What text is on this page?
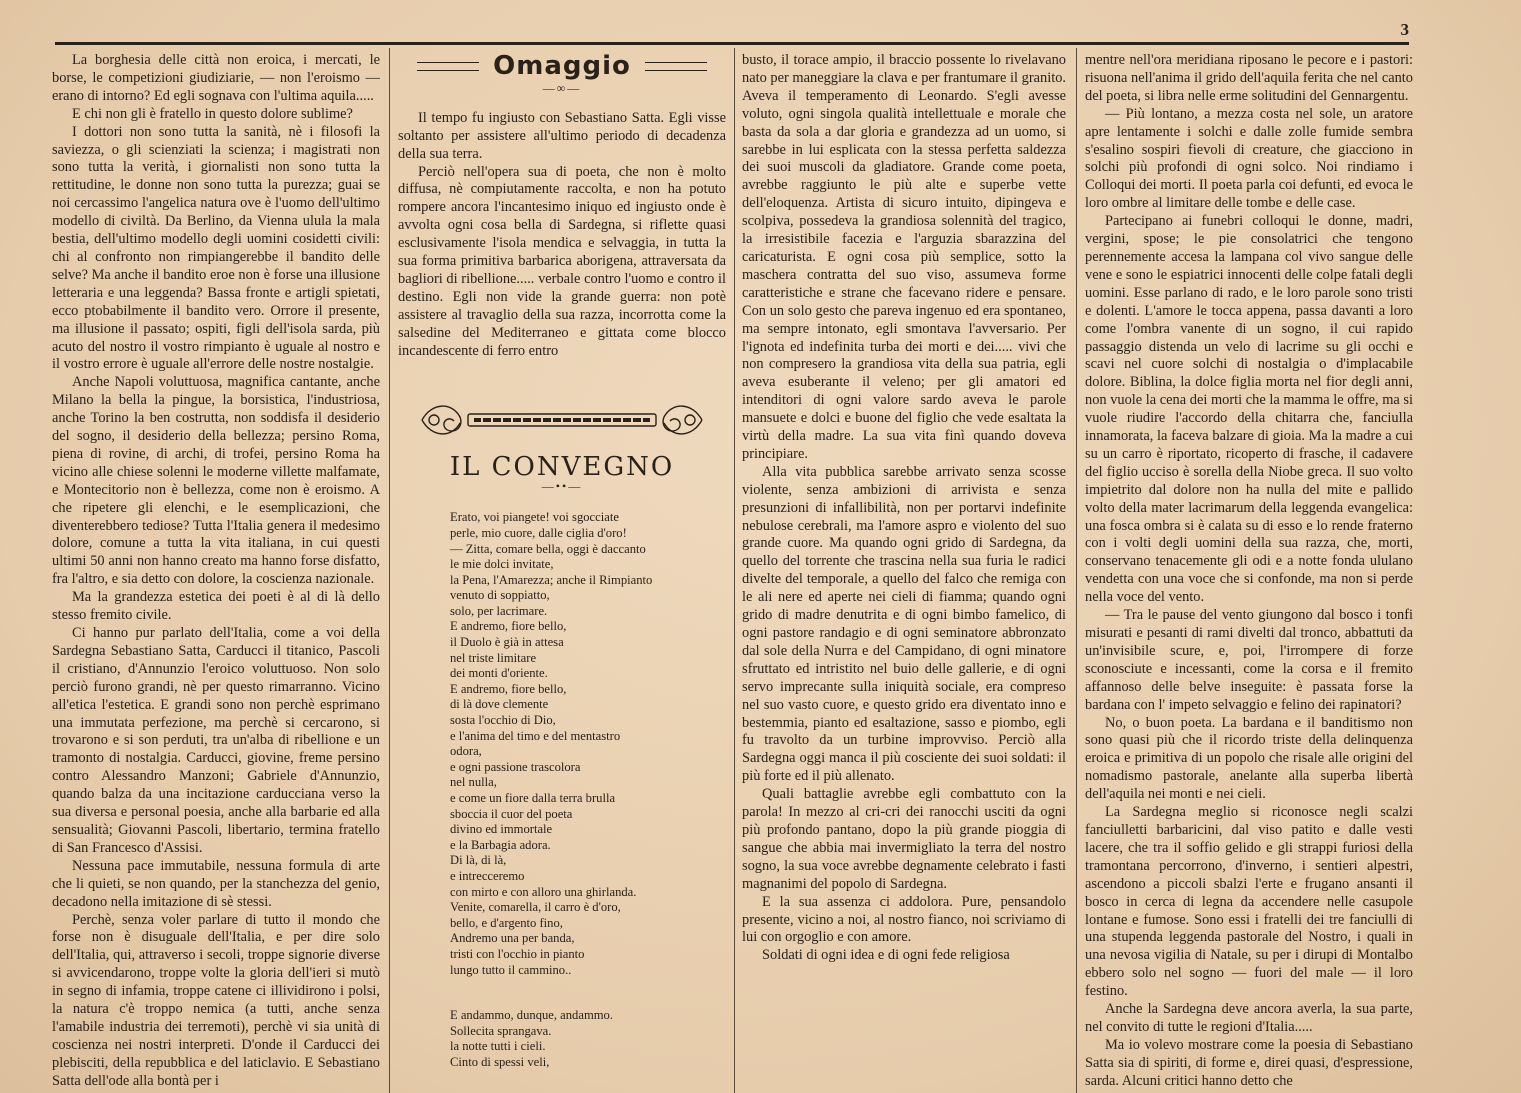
3

La borghesia delle città non eroica, i mercati, le borse, le competizioni giudiziarie, — non l'eroismo — erano di intorno? Ed egli sognava con l'ultima aquila.....

E chi non gli è fratello in questo dolore sublime?

I dottori non sono tutta la sanità, nè i filosofi la saviezza, o gli scienziati la scienza; i magistrati non sono tutta la verità, i giornalisti non sono tutta la rettitudine, le donne non sono tutta la purezza; guai se noi cercassimo l'angelica natura ove è l'uomo dell'ultimo modello di civiltà. Da Berlino, da Vienna ulula la mala bestia, dell'ultimo modello degli uomini cosidetti civili: chi al confronto non rimpiangerebbe il bandito delle selve? Ma anche il bandito eroe non è forse una illusione letteraria e una leggenda? Bassa fronte e artigli spietati, ecco ptobabilmente il bandito vero. Orrore il presente, ma illusione il passato; ospiti, figli dell'isola sarda, più acuto del nostro il vostro rimpianto è uguale al nostro e il vostro errore è uguale all'errore delle nostre nostalgie.

Anche Napoli voluttuosa, magnifica cantante, anche Milano la bella la pingue, la borsistica, l'industriosa, anche Torino la ben costrutta, non soddisfa il desiderio del sogno, il desiderio della bellezza; persino Roma, piena di rovine, di archi, di trofei, persino Roma ha vicino alle chiese solenni le moderne villette malfamate, e Montecitorio non è bellezza, come non è eroismo. A che ripetere gli elenchi, e le esemplicazioni, che diventerebbero tediose? Tutta l'Italia genera il medesimo dolore, comune a tutta la vita italiana, in cui questi ultimi 50 anni non hanno creato ma hanno forse disfatto, fra l'altro, e sia detto con dolore, la coscienza nazionale.

Ma la grandezza estetica dei poeti è al di là dello stesso fremito civile.

Ci hanno pur parlato dell'Italia, come a voi della Sardegna Sebastiano Satta, Carducci il titanico, Pascoli il cristiano, d'Annunzio l'eroico voluttuoso. Non solo perciò furono grandi, nè per questo rimarranno. Vicino all'etica l'estetica. E grandi sono non perchè esprimano una immutata perfezione, ma perchè si cercarono, si trovarono e si son perduti, tra un'alba di ribellione e un tramonto di nostalgia. Carducci, giovine, freme persino contro Alessandro Manzoni; Gabriele d'Annunzio, quando balza da una incitazione carducciana verso la sua diversa e personal poesia, anche alla barbarie ed alla sensualità; Giovanni Pascoli, libertario, termina fratello di San Francesco d'Assisi.

Nessuna pace immutabile, nessuna formula di arte che li quieti, se non quando, per la stanchezza del genio, decadono nella imitazione di sè stessi.

Perchè, senza voler parlare di tutto il mondo che forse non è disuguale dell'Italia, e per dire solo dell'Italia, qui, attraverso i secoli, troppe signorie diverse si avvicendarono, troppe volte la gloria dell'ieri si mutò in segno di infamia, troppe catene ci illividirono i polsi, la natura c'è troppo nemica (a tutti, anche senza l'amabile industria dei terremoti), perchè vi sia unità di coscienza nei nostri interpreti. D'onde il Carducci dei plebisciti, della repubblica e del laticlavio. E Sebastiano Satta dell'ode alla bontà per i

Omaggio
—∞—

Il tempo fu ingiusto con Sebastiano Satta. Egli visse soltanto per assistere all'ultimo periodo di decadenza della sua terra.

Perciò nell'opera sua di poeta, che non è molto diffusa, nè compiutamente raccolta, e non ha potuto rompere ancora l'incantesimo iniquo ed ingiusto onde è avvolta ogni cosa bella di Sardegna, si riflette quasi esclusivamente l'isola mendica e selvaggia, in tutta la sua forma primitiva barbarica aborigena, attraversata da bagliori di ribellione..... verbale contro l'uomo e contro il destino. Egli non vide la grande guerra: non potè assistere al travaglio della sua razza, incorrotta come la salsedine del Mediterraneo e gittata come blocco incandescente di ferro entro

IL CONVEGNO
—••—
Erato, voi piangete! voi sgocciate
perle, mio cuore, dalle ciglia d'oro!
— Zitta, comare bella, oggi è daccanto
le mie dolci invitate,
la Pena, l'Amarezza; anche il Rimpianto
venuto di soppiatto,
solo, per lacrimare.
E andremo, fiore bello,
il Duolo è già in attesa
nel triste limitare
dei monti d'oriente.
E andremo, fiore bello,
di là dove clemente
sosta l'occhio di Dio,
e l'anima del timo e del mentastro
odora,
e ogni passione trascolora
nel nulla,
e come un fiore dalla terra brulla
sboccia il cuor del poeta
divino ed immortale
e la Barbagia adora.
Di là, di là,
e intrecceremo
con mirto e con alloro una ghirlanda.
Venite, comarella, il carro è d'oro,
bello, e d'argento fino,
Andremo una per banda,
tristi con l'occhio in pianto
lungo tutto il cammino..
E andammo, dunque, andammo.
Sollecita sprangava.
la notte tutti i cieli.
Cinto di spessi veli,

busto, il torace ampio, il braccio possente lo rivelavano nato per maneggiare la clava e per frantumare il granito. Aveva il temperamento di Leonardo. S'egli avesse voluto, ogni singola qualità intellettuale e morale che basta da sola a dar gloria e grandezza ad un uomo, si sarebbe in lui esplicata con la stessa perfetta saldezza dei suoi muscoli da gladiatore. Grande come poeta, avrebbe raggiunto le più alte e superbe vette dell'eloquenza. Artista di sicuro intuito, dipingeva e scolpiva, possedeva la grandiosa solennità del tragico, la irresistibile facezia e l'arguzia sbarazzina del caricaturista. E ogni cosa più semplice, sotto la maschera contratta del suo viso, assumeva forme caratteristiche e strane che facevano ridere e pensare. Con un solo gesto che pareva ingenuo ed era spontaneo, ma sempre intonato, egli smontava l'avversario. Per l'ignota ed indefinita turba dei morti e dei..... vivi che non compresero la grandiosa vita della sua patria, egli aveva esuberante il veleno; per gli amatori ed intenditori di ogni valore sardo aveva le parole mansuete e dolci e buone del figlio che vede esaltata la virtù della madre. La sua vita finì quando doveva principiare.

Alla vita pubblica sarebbe arrivato senza scosse violente, senza ambizioni di arrivista e senza presunzioni di infallibilità, non per portarvi indefinite nebulose cerebrali, ma l'amore aspro e violento del suo grande cuore. Ma quando ogni grido di Sardegna, da quello del torrente che trascina nella sua furia le radici divelte del temporale, a quello del falco che remiga con le ali nere ed aperte nei cieli di fiamma; quando ogni grido di madre denutrita e di ogni bimbo famelico, di ogni pastore randagio e di ogni seminatore abbronzato dal sole della Nurra e del Campidano, di ogni minatore sfruttato ed intristito nel buio delle gallerie, e di ogni servo imprecante sulla iniquità sociale, era compreso nel suo vasto cuore, e questo grido era diventato inno e bestemmia, pianto ed esaltazione, sasso e piombo, egli fu travolto da un turbine improvviso. Perciò alla Sardegna oggi manca il più cosciente dei suoi soldati: il più forte ed il più allenato.

Quali battaglie avrebbe egli combattuto con la parola! In mezzo al cri-cri dei ranocchi usciti da ogni più profondo pantano, dopo la più grande pioggia di sangue che abbia mai invermigliato la terra del nostro sogno, la sua voce avrebbe degnamente celebrato i fasti magnanimi del popolo di Sardegna.

E la sua assenza ci addolora. Pure, pensandolo presente, vicino a noi, al nostro fianco, noi scriviamo di lui con orgoglio e con amore.

Soldati di ogni idea e di ogni fede religiosa

mentre nell'ora meridiana riposano le pecore e i pastori: risuona nell'anima il grido dell'aquila ferita che nel canto del poeta, si libra nelle erme solitudini del Gennargentu.

— Più lontano, a mezza costa nel sole, un aratore apre lentamente i solchi e dalle zolle fumide sembra s'esalino sospiri fievoli di creature, che giacciono in solchi più profondi di ogni solco. Noi rindiamo i Colloqui dei morti. Il poeta parla coi defunti, ed evoca le loro ombre al limitare delle tombe e delle case.

Partecipano ai funebri colloqui le donne, madri, vergini, spose; le pie consolatrici che tengono perennemente accesa la lampana col vivo sangue delle vene e sono le espiatrici innocenti delle colpe fatali degli uomini. Esse parlano di rado, e le loro parole sono tristi e dolenti. L'amore le tocca appena, passa davanti a loro come l'ombra vanente di un sogno, il cui rapido passaggio distenda un velo di lacrime su gli occhi e scavi nel cuore solchi di nostalgia o d'implacabile dolore. Biblina, la dolce figlia morta nel fior degli anni, non vuole la cena dei morti che la mamma le offre, ma si vuole riudire l'accordo della chitarra che, fanciulla innamorata, la faceva balzare di gioia. Ma la madre a cui su un carro è riportato, ricoperto di frasche, il cadavere del figlio ucciso è sorella della Niobe greca. Il suo volto impietrito dal dolore non ha nulla del mite e pallido volto della mater lacrimarum della leggenda evangelica: una fosca ombra si è calata su di esso e lo rende fraterno con i volti degli uomini della sua razza, che, morti, conservano tenacemente gli odi e a notte fonda ululano vendetta con una voce che si confonde, ma non si perde nella voce del vento.

— Tra le pause del vento giungono dal bosco i tonfi misurati e pesanti di rami divelti dal tronco, abbattuti da un'invisibile scure, e, poi, l'irrompere di forze sconosciute e incessanti, come la corsa e il fremito affannoso delle belve inseguite: è passata forse la bardana con l' impeto selvaggio e felino dei rapinatori?

No, o buon poeta. La bardana e il banditismo non sono quasi più che il ricordo triste della delinquenza eroica e primitiva di un popolo che risale alle origini del nomadismo pastorale, anelante alla superba libertà dell'aquila nei monti e nei cieli.

La Sardegna meglio si riconosce negli scalzi fanciulletti barbaricini, dal viso patito e dalle vesti lacere, che tra il soffio gelido e gli strappi furiosi della tramontana percorrono, d'inverno, i sentieri alpestri, ascendono a piccoli sbalzi l'erte e frugano ansanti il bosco in cerca di legna da accendere nelle casupole lontane e fumose. Sono essi i fratelli dei tre fanciulli di una stupenda leggenda pastorale del Nostro, i quali in una nevosa vigilia di Natale, su per i dirupi di Montalbo ebbero solo nel sogno — fuori del male — il loro festino.

Anche la Sardegna deve ancora averla, la sua parte, nel convito di tutte le regioni d'Italia.....

Ma io volevo mostrare come la poesia di Sebastiano Satta sia di spiriti, di forme e, direi quasi, d'espressione, sarda. Alcuni critici hanno detto che
